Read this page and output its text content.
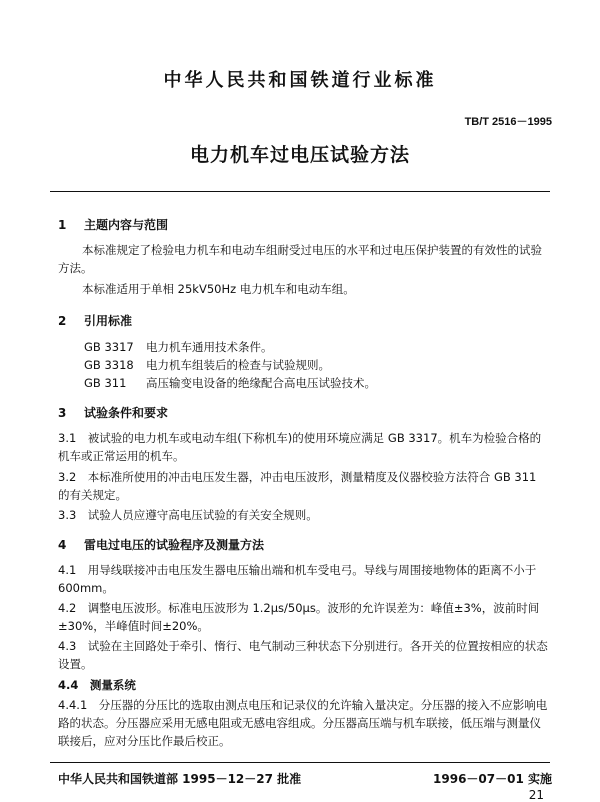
中华人民共和国铁道行业标准
TB/T 2516－1995
电力机车过电压试验方法
1 主题内容与范围
本标准规定了检验电力机车和电动车组耐受过电压的水平和过电压保护装置的有效性的试验方法。
本标准适用于单相 25kV50Hz 电力机车和电动车组。
2 引用标准
GB 3317 电力机车通用技术条件。
GB 3318 电力机车组装后的检查与试验规则。
GB 311 高压输变电设备的绝缘配合高电压试验技术。
3 试验条件和要求
3.1　被试验的电力机车或电动车组(下称机车)的使用环境应满足 GB 3317。机车为检验合格的机车或正常运用的机车。
3.2　本标准所使用的冲击电压发生器，冲击电压波形，测量精度及仪器校验方法符合 GB 311 的有关规定。
3.3　试验人员应遵守高电压试验的有关安全规则。
4 雷电过电压的试验程序及测量方法
4.1　用导线联接冲击电压发生器电压输出端和机车受电弓。导线与周围接地物体的距离不小于 600mm。
4.2　调整电压波形。标准电压波形为 1.2μs/50μs。波形的允许误差为：峰值±3%，波前时间±30%，半峰值时间±20%。
4.3　试验在主回路处于牵引、惰行、电气制动三种状态下分别进行。各开关的位置按相应的状态设置。
4.4　测量系统
4.4.1　分压器的分压比的选取由测点电压和记录仪的允许输入量决定。分压器的接入不应影响电路的状态。分压器应采用无感电阻或无感电容组成。分压器高压端与机车联接，低压端与测量仪联接后，应对分压比作最后校正。
中华人民共和国铁道部 1995－12－27 批准	1996－07－01 实施
21
